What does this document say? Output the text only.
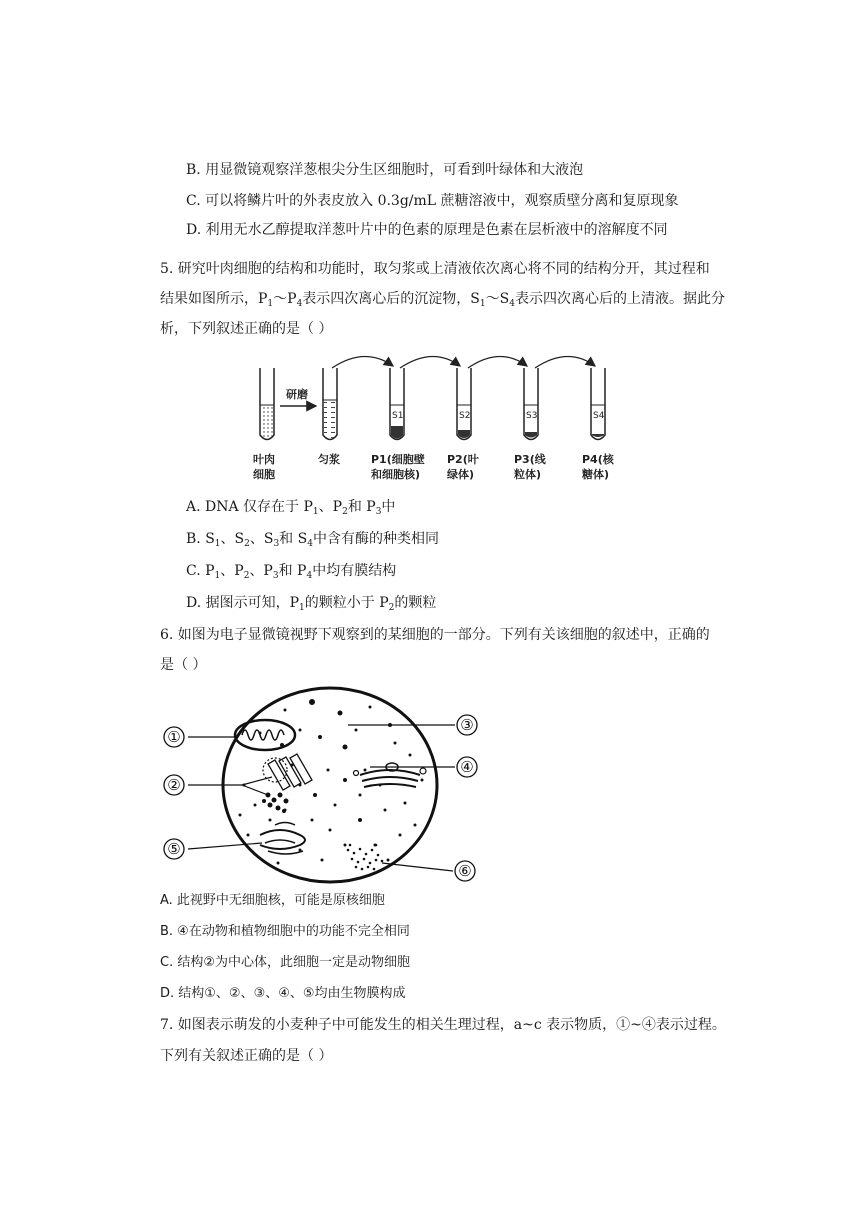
B. 用显微镜观察洋葱根尖分生区细胞时，可看到叶绿体和大液泡
C. 可以将鳞片叶的外表皮放入 0.3g/mL 蔗糖溶液中，观察质壁分离和复原现象
D. 利用无水乙醇提取洋葱叶片中的色素的原理是色素在层析液中的溶解度不同
5. 研究叶肉细胞的结构和功能时，取匀浆或上清液依次离心将不同的结构分开，其过程和
结果如图所示，$P_1\sim P_4$表示四次离心后的沉淀物，$S_1\sim S_4$表示四次离心后的上清液。据此分
析，下列叙述正确的是（ ）
研磨
S1	S2	S3	S4
叶肉
细胞
匀浆	P1(细胞壁
和细胞核)
P2(叶
绿体)
P3(线
粒体)
P4(核
糖体)
A. DNA 仅存在于 $P_1$、$P_2$和 $P_3$中
B. $S_1$、$S_2$、$S_3$和 $S_4$中含有酶的种类相同
C. $P_1$、$P_2$、$P_3$和 $P_4$中均有膜结构
D. 据图示可知，$P_1$的颗粒小于 $P_2$的颗粒
6. 如图为电子显微镜视野下观察到的某细胞的一部分。下列有关该细胞的叙述中，正确的
是（ ）
①
②
③
④
⑤
⑥
A. 此视野中无细胞核，可能是原核细胞
B. ④在动物和植物细胞中的功能不完全相同
C. 结构②为中心体，此细胞一定是动物细胞
D. 结构①、②、③、④、⑤均由生物膜构成
7. 如图表示萌发的小麦种子中可能发生的相关生理过程，a~c 表示物质，①~④表示过程。
下列有关叙述正确的是（ ）
